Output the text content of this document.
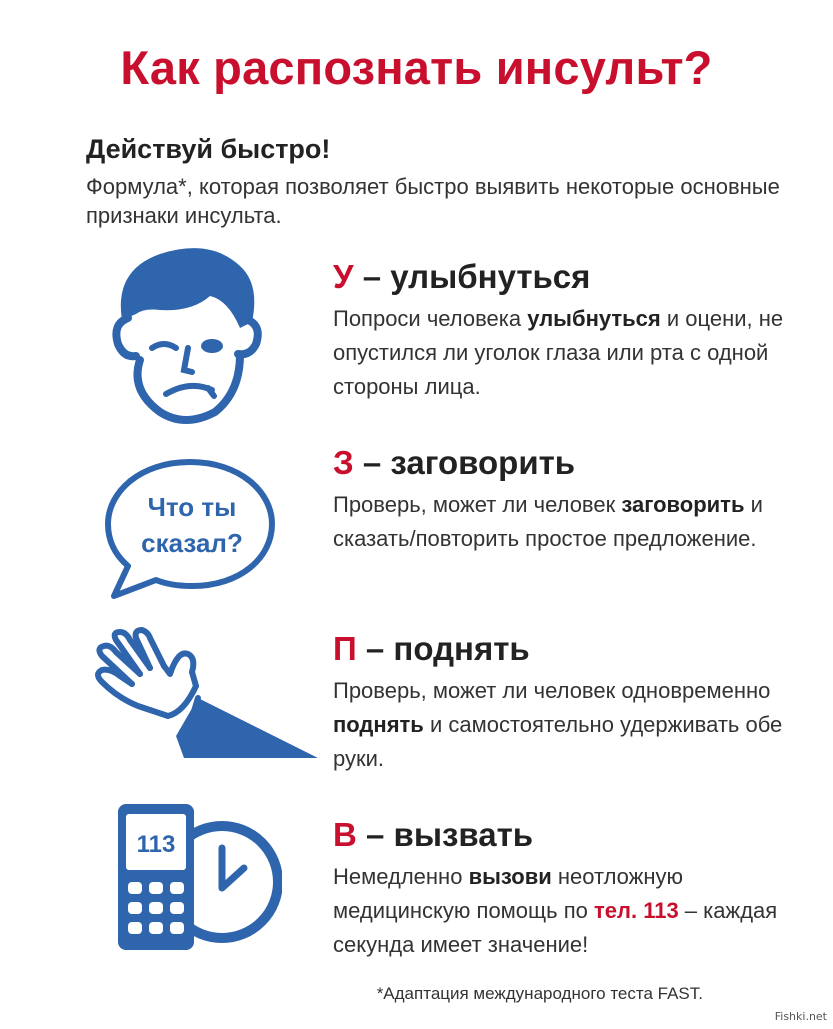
Как распознать инсульт?
Действуй быстро!
Формула*, которая позволяет быстро выявить некоторые основные признаки инсульта.
У – улыбнуться
Попроси человека улыбнуться и оцени, не опустился ли уголок глаза или рта с одной стороны лица.
Что ты
сказал?
З – заговорить
Проверь, может ли человек заговорить и сказать/повторить простое предложение.
П – поднять
Проверь, может ли человек одновременно поднять и самостоятельно удерживать обе руки.
113	В – вызвать
Немедленно вызови неотложную медицинскую помощь по тел. 113 – каждая секунда имеет значение!
*Адаптация международного теста FAST.
Fishki.net
